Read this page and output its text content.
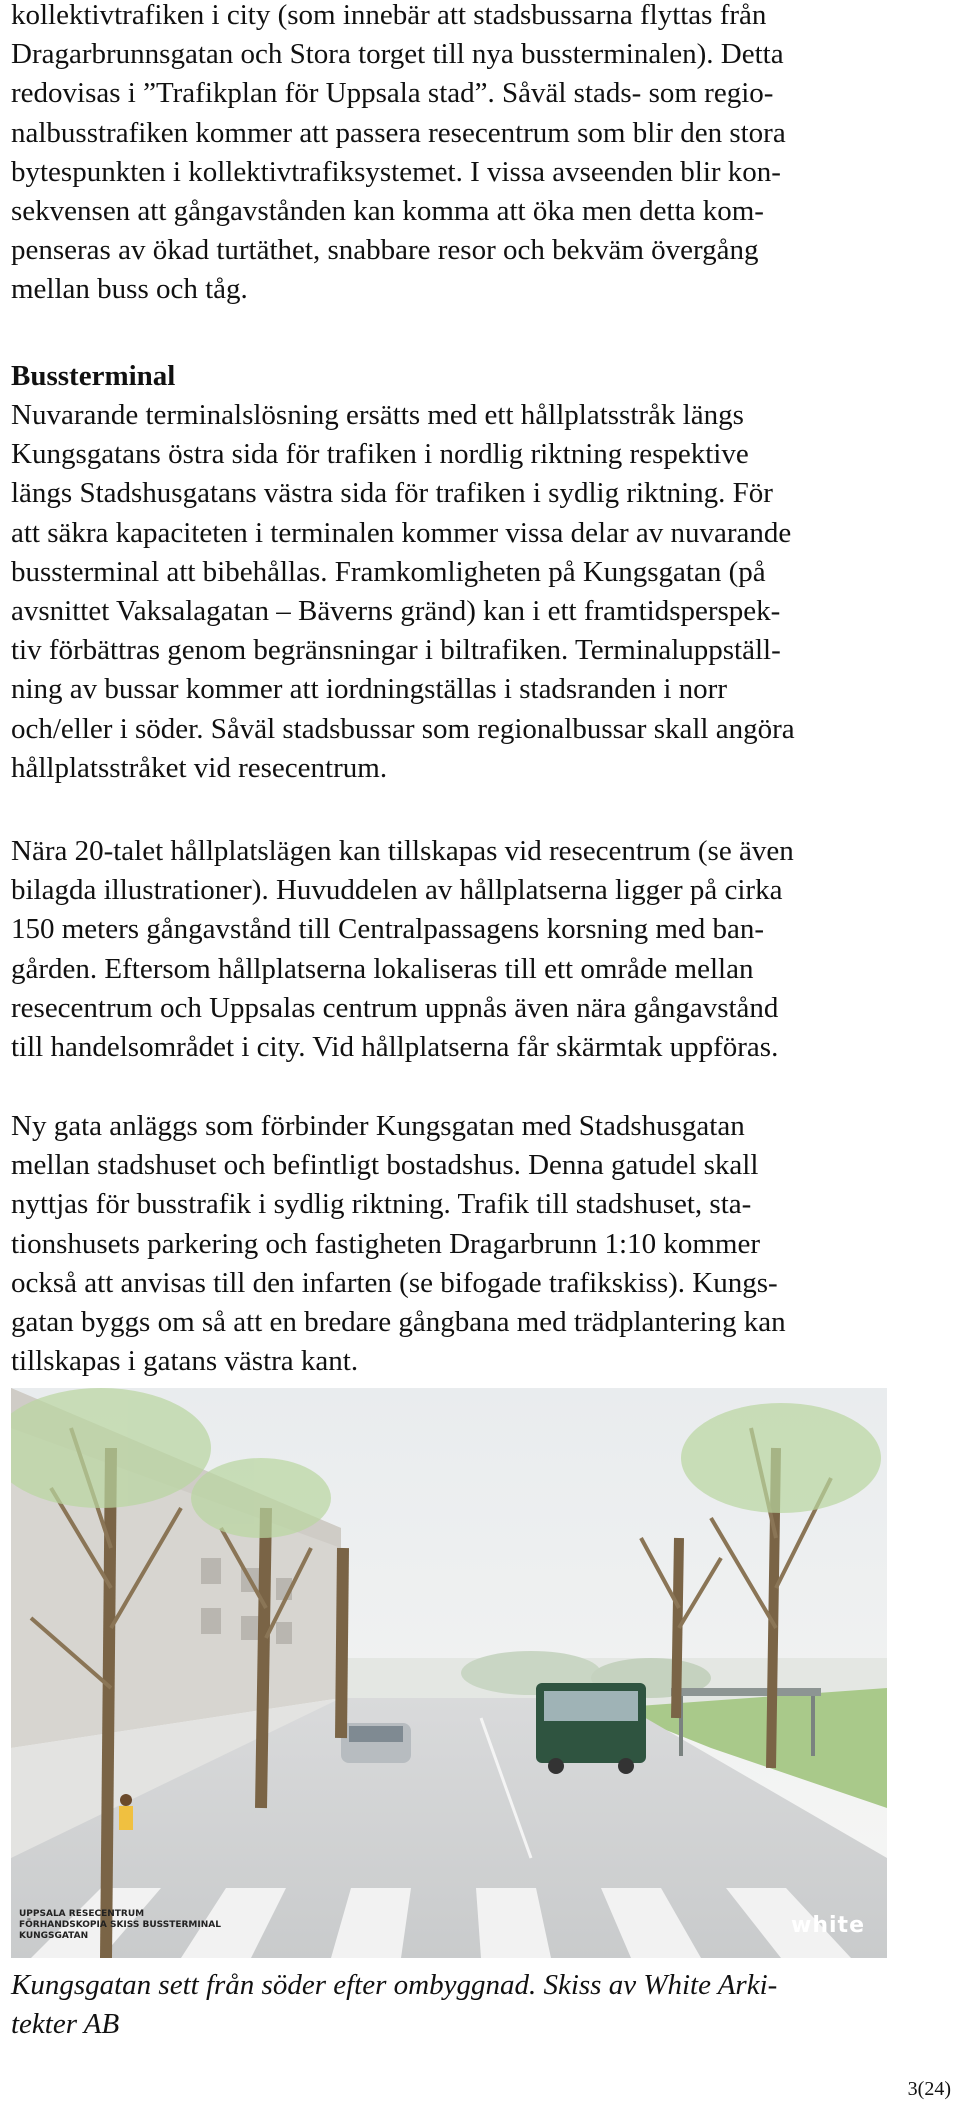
kollektivtrafiken i city (som innebär att stadsbussarna flyttas från
Dragarbrunnsgatan och Stora torget till nya bussterminalen). Detta
redovisas i ”Trafikplan för Uppsala stad”. Såväl stads- som regio-
nalbusstrafiken kommer att passera resecentrum som blir den stora
bytespunkten i kollektivtrafiksystemet. I vissa avseenden blir kon-
sekvensen att gångavstånden kan komma att öka men detta kom-
penseras av ökad turtäthet, snabbare resor och bekväm övergång
mellan buss och tåg.
Bussterminal
Nuvarande terminalslösning ersätts med ett hållplatsstråk längs
Kungsgatans östra sida för trafiken i nordlig riktning respektive
längs Stadshusgatans västra sida för trafiken i sydlig riktning. För
att säkra kapaciteten i terminalen kommer vissa delar av nuvarande
bussterminal att bibehållas. Framkomligheten på Kungsgatan (på
avsnittet Vaksalagatan – Bäverns gränd) kan i ett framtidsperspek-
tiv förbättras genom begränsningar i biltrafiken. Terminaluppställ-
ning av bussar kommer att iordningställas i stadsranden i norr
och/eller i söder. Såväl stadsbussar som regionalbussar skall angöra
hållplatsstråket vid resecentrum.
Nära 20-talet hållplatslägen kan tillskapas vid resecentrum (se även
bilagda illustrationer). Huvuddelen av hållplatserna ligger på cirka
150 meters gångavstånd till Centralpassagens korsning med ban-
gården. Eftersom hållplatserna lokaliseras till ett område mellan
resecentrum och Uppsalas centrum uppnås även nära gångavstånd
till handelsområdet i city. Vid hållplatserna får skärmtak uppföras.
Ny gata anläggs som förbinder Kungsgatan med Stadshusgatan
mellan stadshuset och befintligt bostadshus. Denna gatudel skall
nyttjas för busstrafik i sydlig riktning. Trafik till stadshuset, sta-
tionshusets parkering och fastigheten Dragarbrunn 1:10 kommer
också att anvisas till den infarten (se bifogade trafikskiss). Kungs-
gatan byggs om så att en bredare gångbana med trädplantering kan
tillskapas i gatans västra kant.
UPPSALA RESECENTRUM
FÖRHANDSKOPIA SKISS BUSSTERMINAL KUNGSGATAN	white
Kungsgatan sett från söder efter ombyggnad. Skiss av White Arki-
tekter AB
3(24)
